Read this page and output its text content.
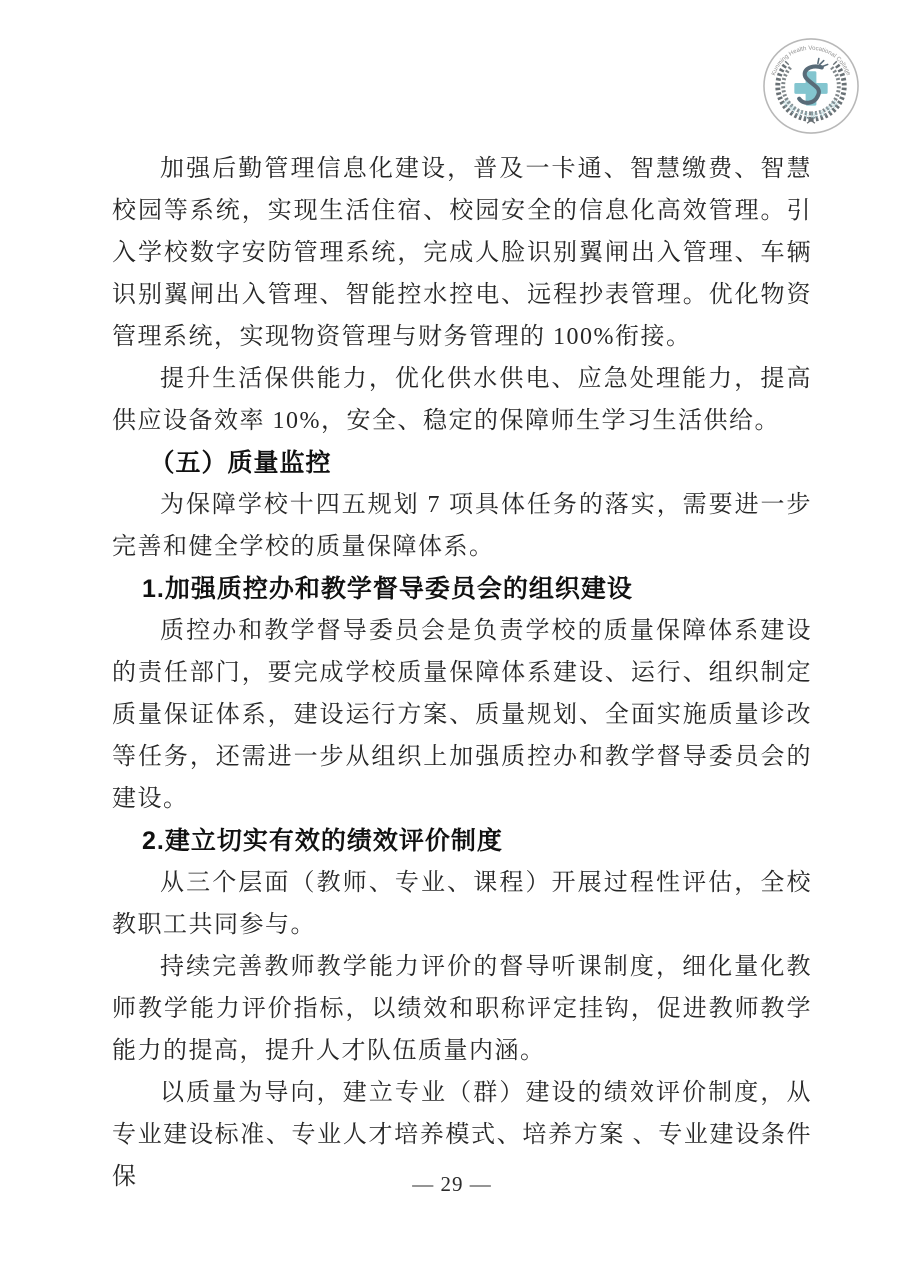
Kunming Health Vocational College
昆明卫生职业学院

加强后勤管理信息化建设，普及一卡通、智慧缴费、智慧校园等系统，实现生活住宿、校园安全的信息化高效管理。引入学校数字安防管理系统，完成人脸识别翼闸出入管理、车辆识别翼闸出入管理、智能控水控电、远程抄表管理。优化物资管理系统，实现物资管理与财务管理的 100%衔接。

提升生活保供能力，优化供水供电、应急处理能力，提高供应设备效率 10%，安全、稳定的保障师生学习生活供给。

（五）质量监控

为保障学校十四五规划 7 项具体任务的落实，需要进一步完善和健全学校的质量保障体系。

1.加强质控办和教学督导委员会的组织建设

质控办和教学督导委员会是负责学校的质量保障体系建设的责任部门，要完成学校质量保障体系建设、运行、组织制定质量保证体系，建设运行方案、质量规划、全面实施质量诊改等任务，还需进一步从组织上加强质控办和教学督导委员会的建设。

2.建立切实有效的绩效评价制度

从三个层面（教师、专业、课程）开展过程性评估，全校教职工共同参与。

持续完善教师教学能力评价的督导听课制度，细化量化教师教学能力评价指标，以绩效和职称评定挂钩，促进教师教学能力的提高，提升人才队伍质量内涵。

以质量为导向，建立专业（群）建设的绩效评价制度，从专业建设标准、专业人才培养模式、培养方案 、专业建设条件保	— 29 —
